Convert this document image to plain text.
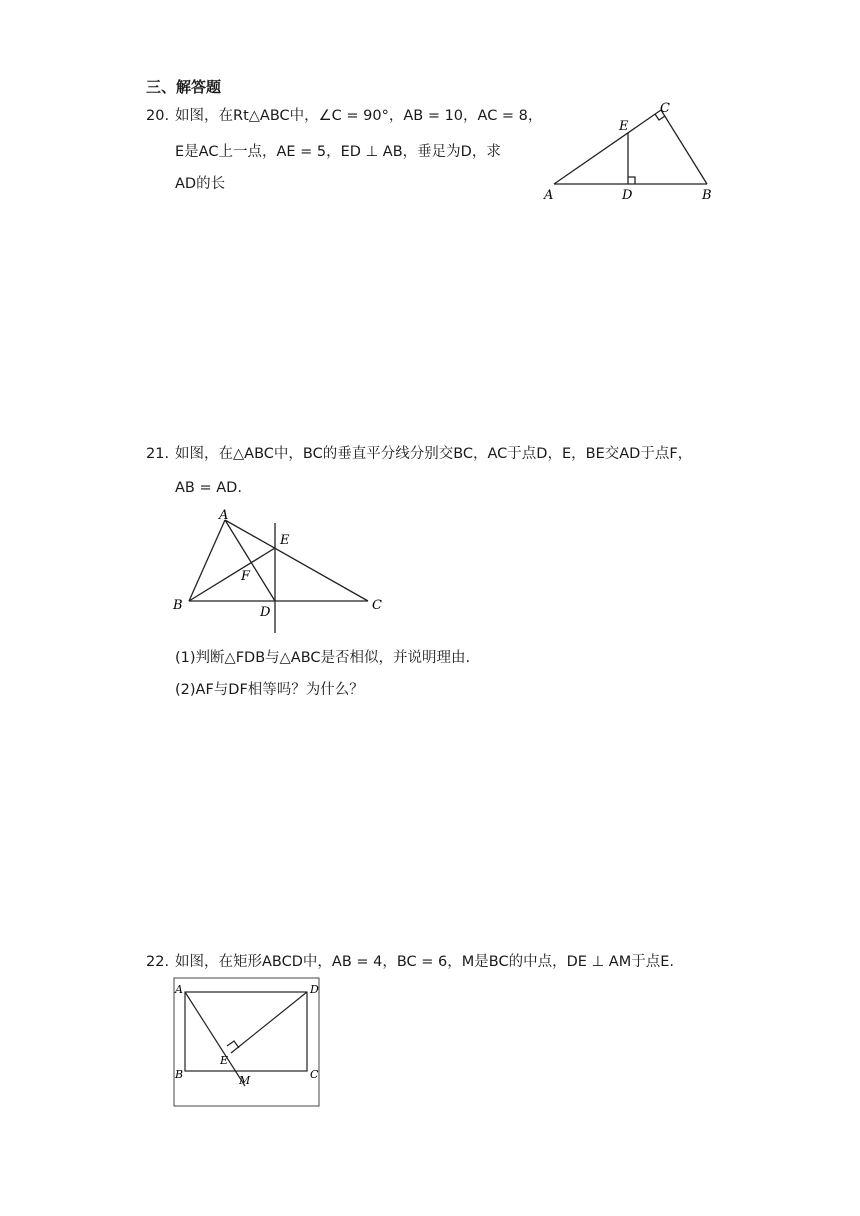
三、解答题
20. 如图，在Rt△ABC中，∠C = 90°，AB = 10，AC = 8，
E是AC上一点，AE = 5，ED ⊥ AB，垂足为D，求
AD的长
A	D	B
E
C
21. 如图，在△ABC中，BC的垂直平分线分别交BC，AC于点D，E，BE交AD于点F，
AB = AD.
A
E
F
B	D	C
(1)判断△FDB与△ABC是否相似，并说明理由.
(2)AF与DF相等吗？为什么？
22. 如图，在矩形ABCD中，AB = 4，BC = 6，M是BC的中点，DE ⊥ AM于点E.
A	D
B	C
E
M
